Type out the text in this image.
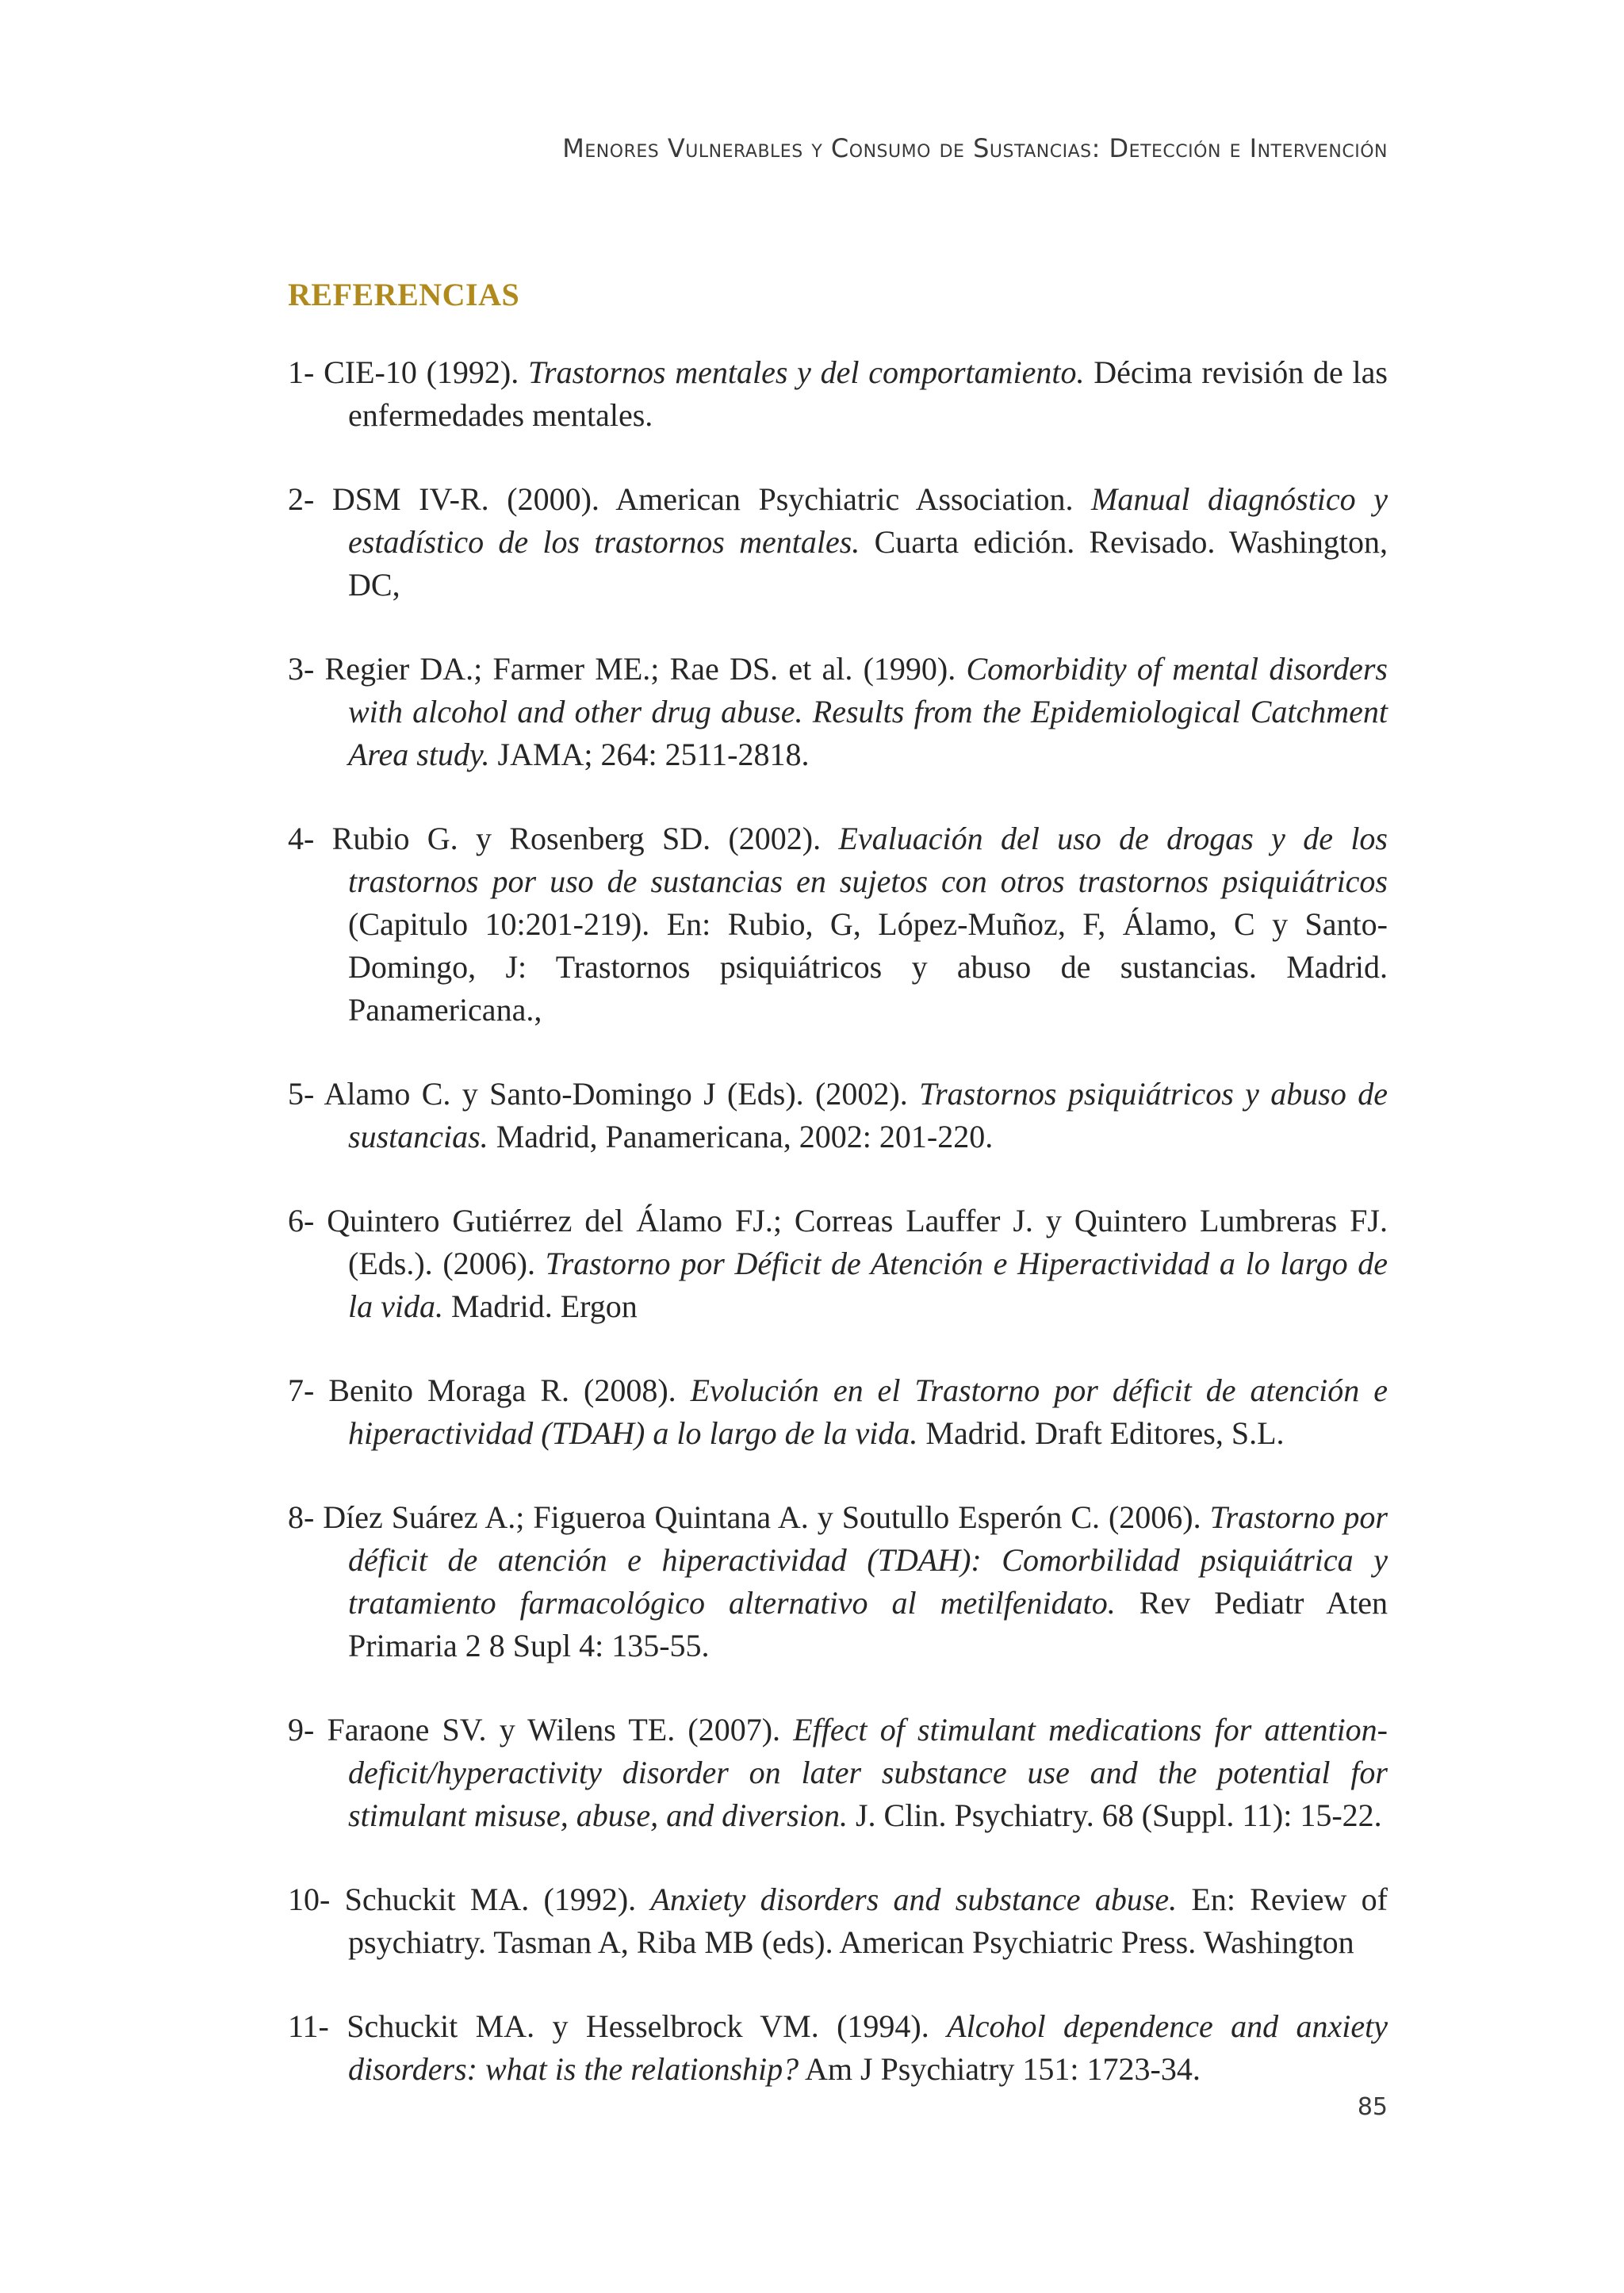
Menores Vulnerables y Consumo de Sustancias: Detección e Intervención
REFERENCIAS

1- CIE-10 (1992). Trastornos mentales y del comportamiento. Décima revisión de las enfermedades mentales.

2- DSM IV-R. (2000). American Psychiatric Association. Manual diagnóstico y estadístico de los trastornos mentales. Cuarta edición. Revisado. Washington, DC,

3- Regier DA.; Farmer ME.; Rae DS. et al. (1990). Comorbidity of mental disorders with alcohol and other drug abuse. Results from the Epidemiological Catchment Area study. JAMA; 264: 2511-2818.

4- Rubio G. y Rosenberg SD. (2002). Evaluación del uso de drogas y de los trastornos por uso de sustancias en sujetos con otros trastornos psiquiátricos (Capitulo 10:201-219). En: Rubio, G, López-Muñoz, F, Álamo, C y Santo-Domingo, J: Trastornos psiquiátricos y abuso de sustancias. Madrid. Panamericana.,

5- Alamo C. y Santo-Domingo J (Eds). (2002). Trastornos psiquiátricos y abuso de sustancias. Madrid, Panamericana, 2002: 201-220.

6- Quintero Gutiérrez del Álamo FJ.; Correas Lauffer J. y Quintero Lumbreras FJ. (Eds.). (2006). Trastorno por Déficit de Atención e Hiperactividad a lo largo de la vida. Madrid. Ergon

7- Benito Moraga R. (2008). Evolución en el Trastorno por déficit de atención e hiperactividad (TDAH) a lo largo de la vida. Madrid. Draft Editores, S.L.

8- Díez Suárez A.; Figueroa Quintana A. y Soutullo Esperón C. (2006). Trastorno por déficit de atención e hiperactividad (TDAH): Comorbilidad psiquiátrica y tratamiento farmacológico alternativo al metilfenidato. Rev Pediatr Aten Primaria 2 8 Supl 4: 135-55.

9- Faraone SV. y Wilens TE. (2007). Effect of stimulant medications for attention-deficit/hyperactivity disorder on later substance use and the potential for stimulant misuse, abuse, and diversion. J. Clin. Psychiatry. 68 (Suppl. 11): 15-22.

10- Schuckit MA. (1992). Anxiety disorders and substance abuse. En: Review of psychiatry. Tasman A, Riba MB (eds). American Psychiatric Press. Washington

11- Schuckit MA. y Hesselbrock VM. (1994). Alcohol dependence and anxiety disorders: what is the relationship? Am J Psychiatry 151: 1723-34.

85
